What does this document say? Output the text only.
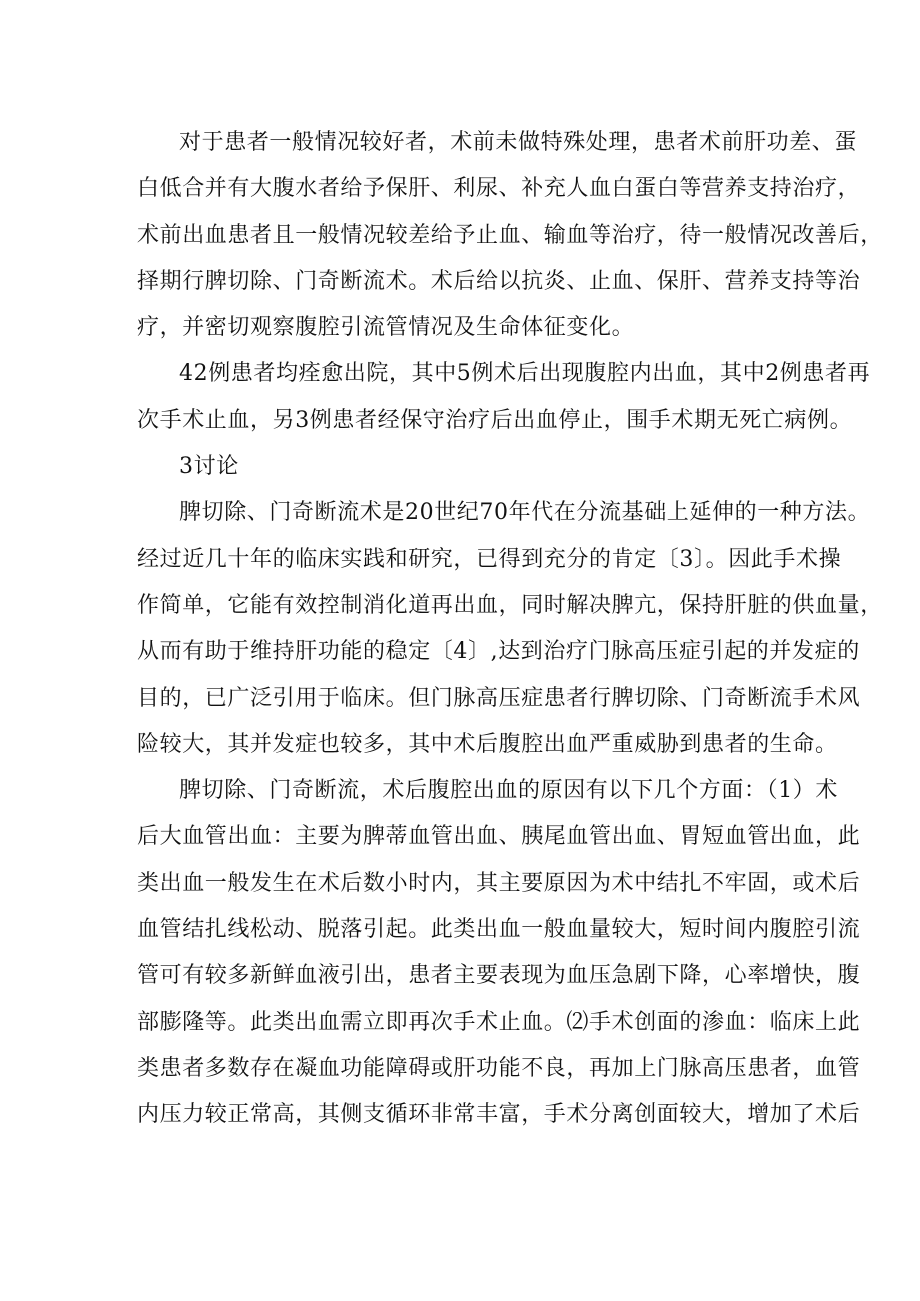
对于患者一般情况较好者，术前未做特殊处理，患者术前肝功差、蛋
白低合并有大腹水者给予保肝、利尿、补充人血白蛋白等营养支持治疗，
术前出血患者且一般情况较差给予止血、输血等治疗，待一般情况改善后，
择期行脾切除、门奇断流术。术后给以抗炎、止血、保肝、营养支持等治
疗，并密切观察腹腔引流管情况及生命体征变化。
42例患者均痊愈出院，其中5例术后出现腹腔内出血，其中2例患者再
次手术止血，另3例患者经保守治疗后出血停止，围手术期无死亡病例。
3讨论
脾切除、门奇断流术是20世纪70年代在分流基础上延伸的一种方法。
经过近几十年的临床实践和研究，已得到充分的肯定〔3〕。因此手术操
作简单，它能有效控制消化道再出血，同时解决脾亢，保持肝脏的供血量，
从而有助于维持肝功能的稳定〔4〕,达到治疗门脉高压症引起的并发症的
目的，已广泛引用于临床。但门脉高压症患者行脾切除、门奇断流手术风
险较大，其并发症也较多，其中术后腹腔出血严重威胁到患者的生命。
脾切除、门奇断流，术后腹腔出血的原因有以下几个方面：（1）术
后大血管出血：主要为脾蒂血管出血、胰尾血管出血、胃短血管出血，此
类出血一般发生在术后数小时内，其主要原因为术中结扎不牢固，或术后
血管结扎线松动、脱落引起。此类出血一般血量较大，短时间内腹腔引流
管可有较多新鲜血液引出，患者主要表现为血压急剧下降，心率增快，腹
部膨隆等。此类出血需立即再次手术止血。⑵手术创面的渗血：临床上此
类患者多数存在凝血功能障碍或肝功能不良，再加上门脉高压患者，血管
内压力较正常高，其侧支循环非常丰富，手术分离创面较大，增加了术后
